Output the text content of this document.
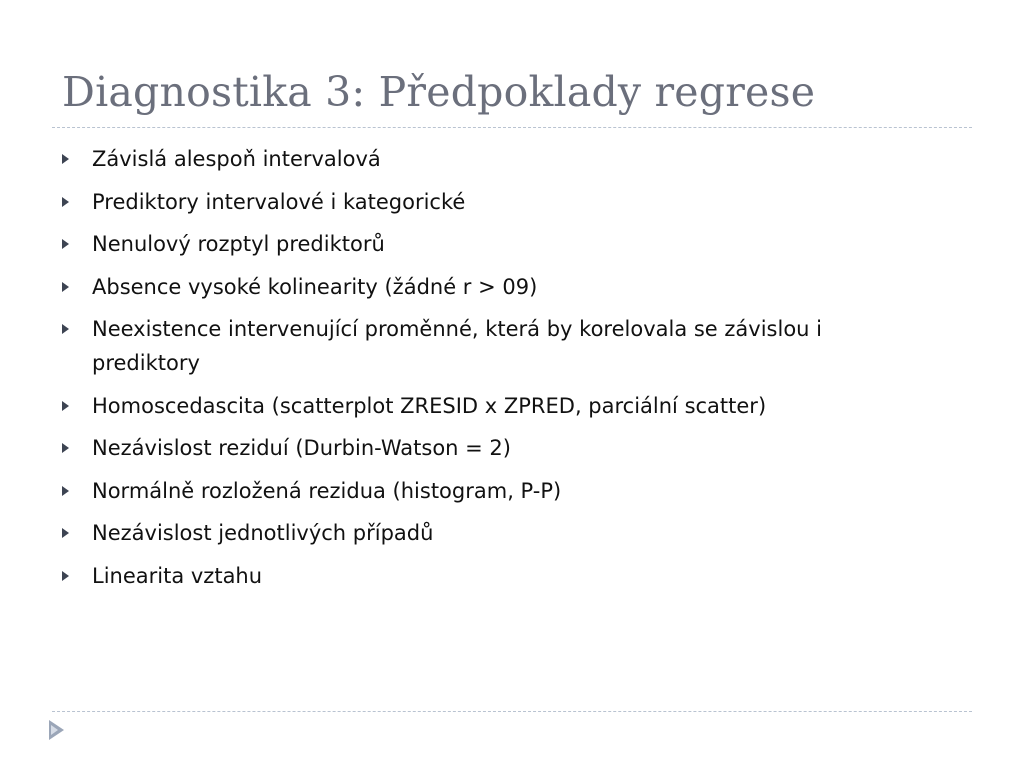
Diagnostika 3: Předpoklady regrese
Závislá alespoň intervalová
Prediktory intervalové i kategorické
Nenulový rozptyl prediktorů
Absence vysoké kolinearity (žádné r > 09)
Neexistence intervenující proměnné, která by korelovala se závislou i prediktory
Homoscedascita (scatterplot ZRESID x ZPRED, parciální scatter)
Nezávislost reziduí (Durbin-Watson = 2)
Normálně rozložená rezidua (histogram, P-P)
Nezávislost jednotlivých případů
Linearita vztahu
